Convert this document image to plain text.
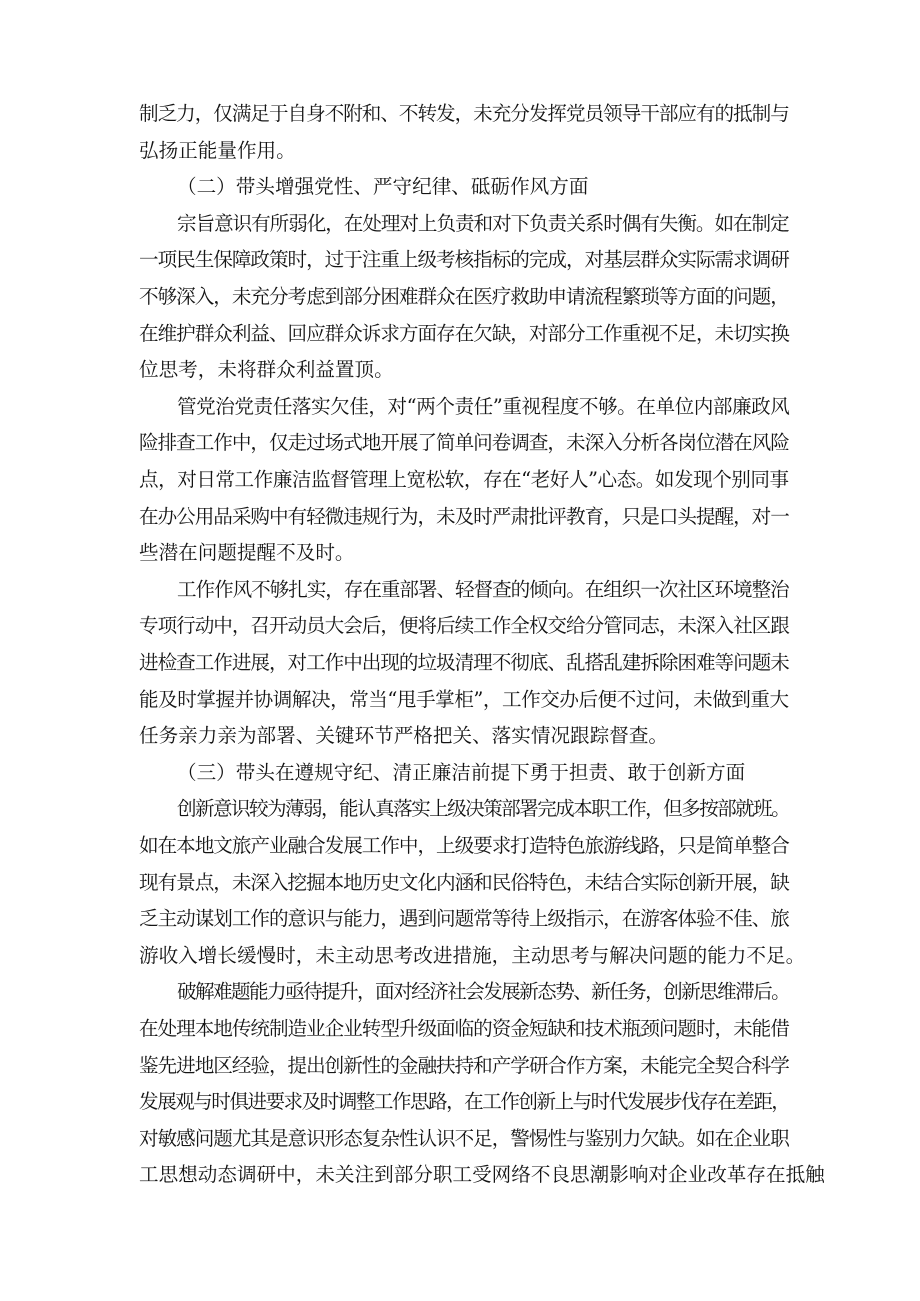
制乏力，仅满足于自身不附和、不转发，未充分发挥党员领导干部应有的抵制与
弘扬正能量作用。
（二）带头增强党性、严守纪律、砥砺作风方面
宗旨意识有所弱化，在处理对上负责和对下负责关系时偶有失衡。如在制定
一项民生保障政策时，过于注重上级考核指标的完成，对基层群众实际需求调研
不够深入，未充分考虑到部分困难群众在医疗救助申请流程繁琐等方面的问题，
在维护群众利益、回应群众诉求方面存在欠缺，对部分工作重视不足，未切实换
位思考，未将群众利益置顶。
管党治党责任落实欠佳，对“两个责任”重视程度不够。在单位内部廉政风
险排查工作中，仅走过场式地开展了简单问卷调查，未深入分析各岗位潜在风险
点，对日常工作廉洁监督管理上宽松软，存在“老好人”心态。如发现个别同事
在办公用品采购中有轻微违规行为，未及时严肃批评教育，只是口头提醒，对一
些潜在问题提醒不及时。
工作作风不够扎实，存在重部署、轻督查的倾向。在组织一次社区环境整治
专项行动中，召开动员大会后，便将后续工作全权交给分管同志，未深入社区跟
进检查工作进展，对工作中出现的垃圾清理不彻底、乱搭乱建拆除困难等问题未
能及时掌握并协调解决，常当“甩手掌柜”，工作交办后便不过问，未做到重大
任务亲力亲为部署、关键环节严格把关、落实情况跟踪督查。
（三）带头在遵规守纪、清正廉洁前提下勇于担责、敢于创新方面
创新意识较为薄弱，能认真落实上级决策部署完成本职工作，但多按部就班。
如在本地文旅产业融合发展工作中，上级要求打造特色旅游线路，只是简单整合
现有景点，未深入挖掘本地历史文化内涵和民俗特色，未结合实际创新开展，缺
乏主动谋划工作的意识与能力，遇到问题常等待上级指示，在游客体验不佳、旅
游收入增长缓慢时，未主动思考改进措施，主动思考与解决问题的能力不足。
破解难题能力亟待提升，面对经济社会发展新态势、新任务，创新思维滞后。
在处理本地传统制造业企业转型升级面临的资金短缺和技术瓶颈问题时，未能借
鉴先进地区经验，提出创新性的金融扶持和产学研合作方案，未能完全契合科学
发展观与时俱进要求及时调整工作思路，在工作创新上与时代发展步伐存在差距，
对敏感问题尤其是意识形态复杂性认识不足，警惕性与鉴别力欠缺。如在企业职
工思想动态调研中，未关注到部分职工受网络不良思潮影响对企业改革存在抵触
